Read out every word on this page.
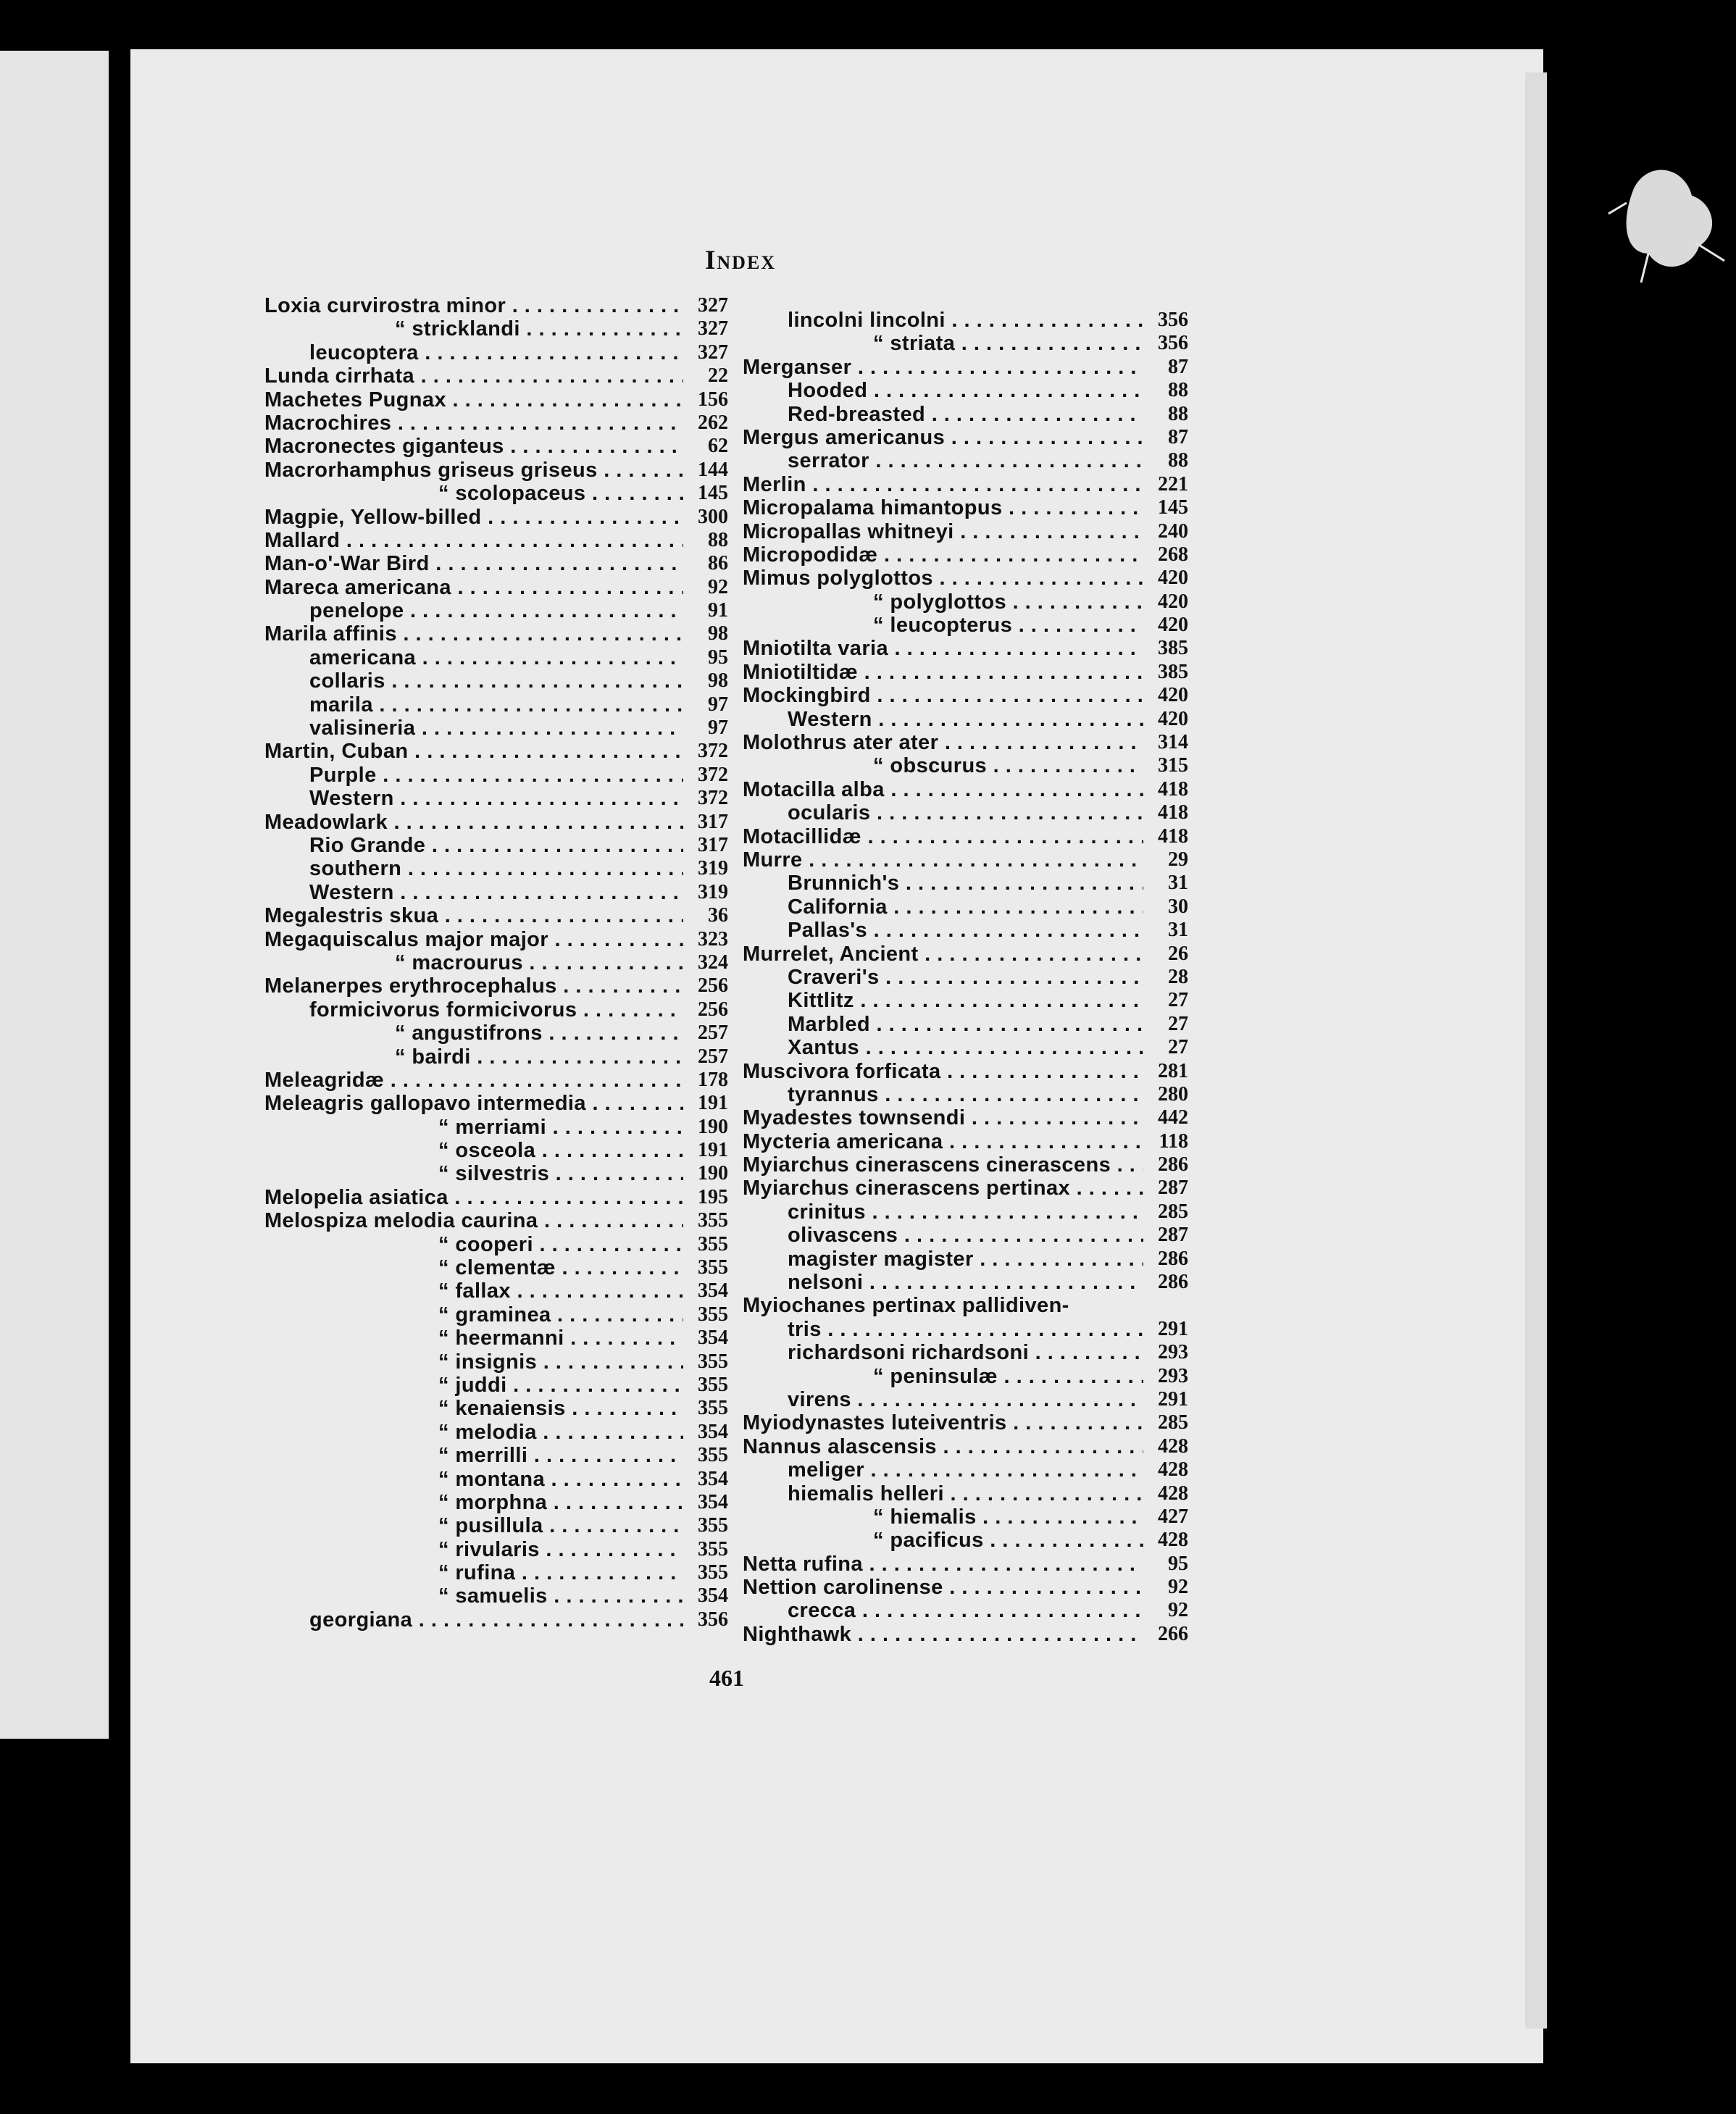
Index
Loxia curvirostra minor . . .	327
“ stricklandi . . .	327
leucoptera . . .	327
Lunda cirrhata . . .	22
Machetes Pugnax . . .	156
Macrochires . . .	262
Macronectes giganteus . . .	62
Macrorhamphus griseus griseus . . .	144
“ scolopaceus . . .	145
Magpie, Yellow-billed . . .	300
Mallard . . .	88
Man-o'-War Bird . . .	86
Mareca americana . . .	92
penelope . . .	91
Marila affinis . . .	98
americana . . .	95
collaris . . .	98
marila . . .	97
valisineria . . .	97
Martin, Cuban . . .	372
Purple . . .	372
Western . . .	372
Meadowlark . . .	317
Rio Grande . . .	317
southern . . .	319
Western . . .	319
Megalestris skua . . .	36
Megaquiscalus major major . . .	323
“ macrourus . . .	324
Melanerpes erythrocephalus . . .	256
formicivorus formicivorus . . .	256
“ angustifrons . . .	257
“ bairdi . . .	257
Meleagridæ . . .	178
Meleagris gallopavo intermedia . . .	191
“ merriami . . .	190
“ osceola . . .	191
“ silvestris . . .	190
Melopelia asiatica . . .	195
Melospiza melodia caurina . . .	355
“ cooperi . . .	355
“ clementæ . . .	355
“ fallax . . .	354
“ graminea . . .	355
“ heermanni . . .	354
“ insignis . . .	355
“ juddi . . .	355
“ kenaiensis . . .	355
“ melodia . . .	354
“ merrilli . . .	355
“ montana . . .	354
“ morphna . . .	354
“ pusillula . . .	355
“ rivularis . . .	355
“ rufina . . .	355
“ samuelis . . .	354
georgiana . . .	356
lincolni lincolni . . .	356
“ striata . . .	356
Merganser . . .	87
Hooded . . .	88
Red-breasted . . .	88
Mergus americanus . . .	87
serrator . . .	88
Merlin . . .	221
Micropalama himantopus . . .	145
Micropallas whitneyi . . .	240
Micropodidæ . . .	268
Mimus polyglottos . . .	420
“ polyglottos . . .	420
“ leucopterus . . .	420
Mniotilta varia . . .	385
Mniotiltidæ . . .	385
Mockingbird . . .	420
Western . . .	420
Molothrus ater ater . . .	314
“ obscurus . . .	315
Motacilla alba . . .	418
ocularis . . .	418
Motacillidæ . . .	418
Murre . . .	29
Brunnich's . . .	31
California . . .	30
Pallas's . . .	31
Murrelet, Ancient . . .	26
Craveri's . . .	28
Kittlitz . . .	27
Marbled . . .	27
Xantus . . .	27
Muscivora forficata . . .	281
tyrannus . . .	280
Myadestes townsendi . . .	442
Mycteria americana . . .	118
Myiarchus cinerascens cinerascens . . .	286
Myiarchus cinerascens pertinax . . .	287
crinitus . . .	285
olivascens . . .	287
magister magister . . .	286
nelsoni . . .	286
Myiochanes pertinax pallidiven-
tris . . .	291
richardsoni richardsoni . . .	293
“ peninsulæ . . .	293
virens . . .	291
Myiodynastes luteiventris . . .	285
Nannus alascensis . . .	428
meliger . . .	428
hiemalis helleri . . .	428
“ hiemalis . . .	427
“ pacificus . . .	428
Netta rufina . . .	95
Nettion carolinense . . .	92
crecca . . .	92
Nighthawk . . .	266
461
